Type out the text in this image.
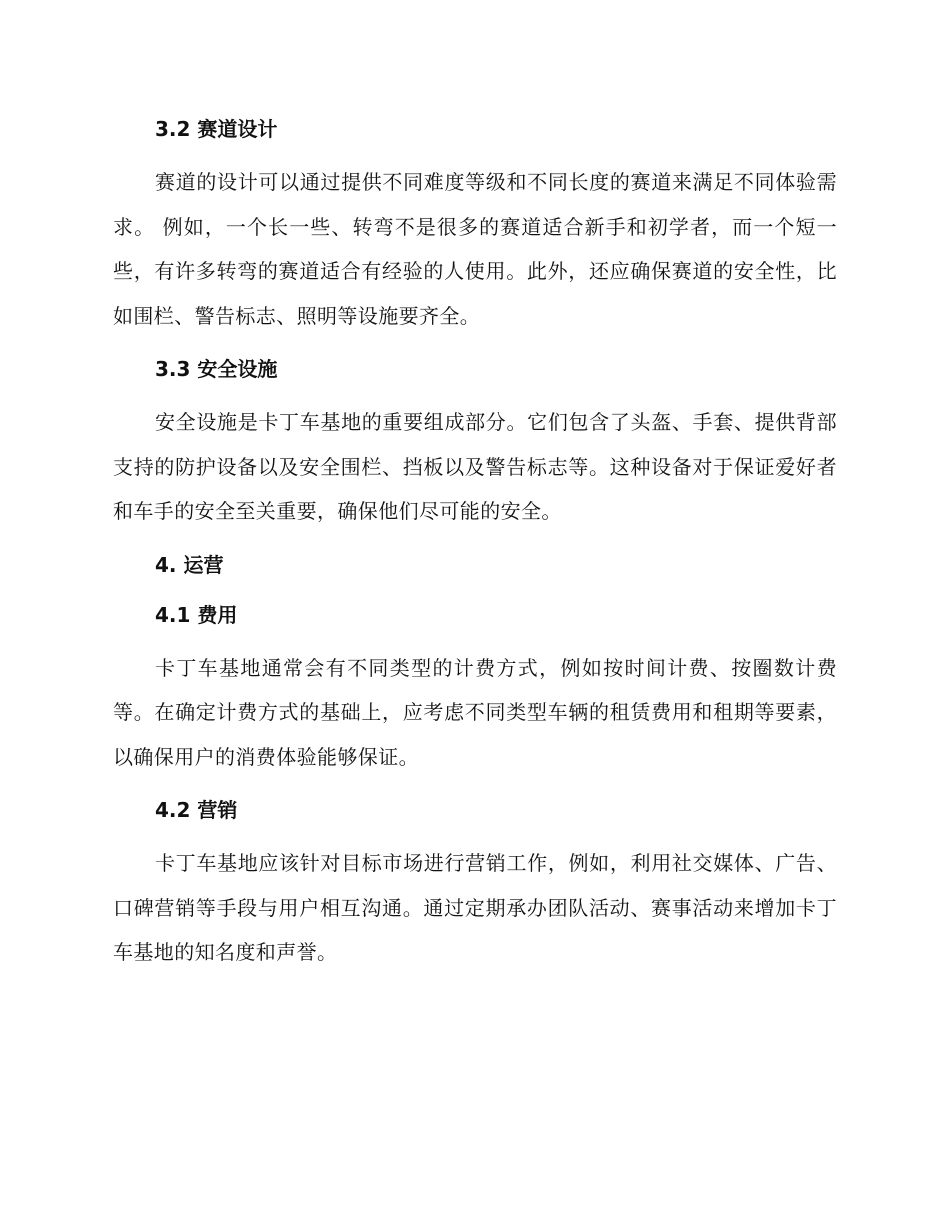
3.2 赛道设计

赛道的设计可以通过提供不同难度等级和不同长度的赛道来满足不同体验需求。 例如，一个长一些、转弯不是很多的赛道适合新手和初学者，而一个短一些，有许多转弯的赛道适合有经验的人使用。此外，还应确保赛道的安全性，比如围栏、警告标志、照明等设施要齐全。

3.3 安全设施

安全设施是卡丁车基地的重要组成部分。它们包含了头盔、手套、提供背部支持的防护设备以及安全围栏、挡板以及警告标志等。这种设备对于保证爱好者和车手的安全至关重要，确保他们尽可能的安全。

4. 运营

4.1 费用

卡丁车基地通常会有不同类型的计费方式，例如按时间计费、按圈数计费等。在确定计费方式的基础上，应考虑不同类型车辆的租赁费用和租期等要素，以确保用户的消费体验能够保证。

4.2 营销

卡丁车基地应该针对目标市场进行营销工作，例如，利用社交媒体、广告、口碑营销等手段与用户相互沟通。通过定期承办团队活动、赛事活动来增加卡丁车基地的知名度和声誉。
